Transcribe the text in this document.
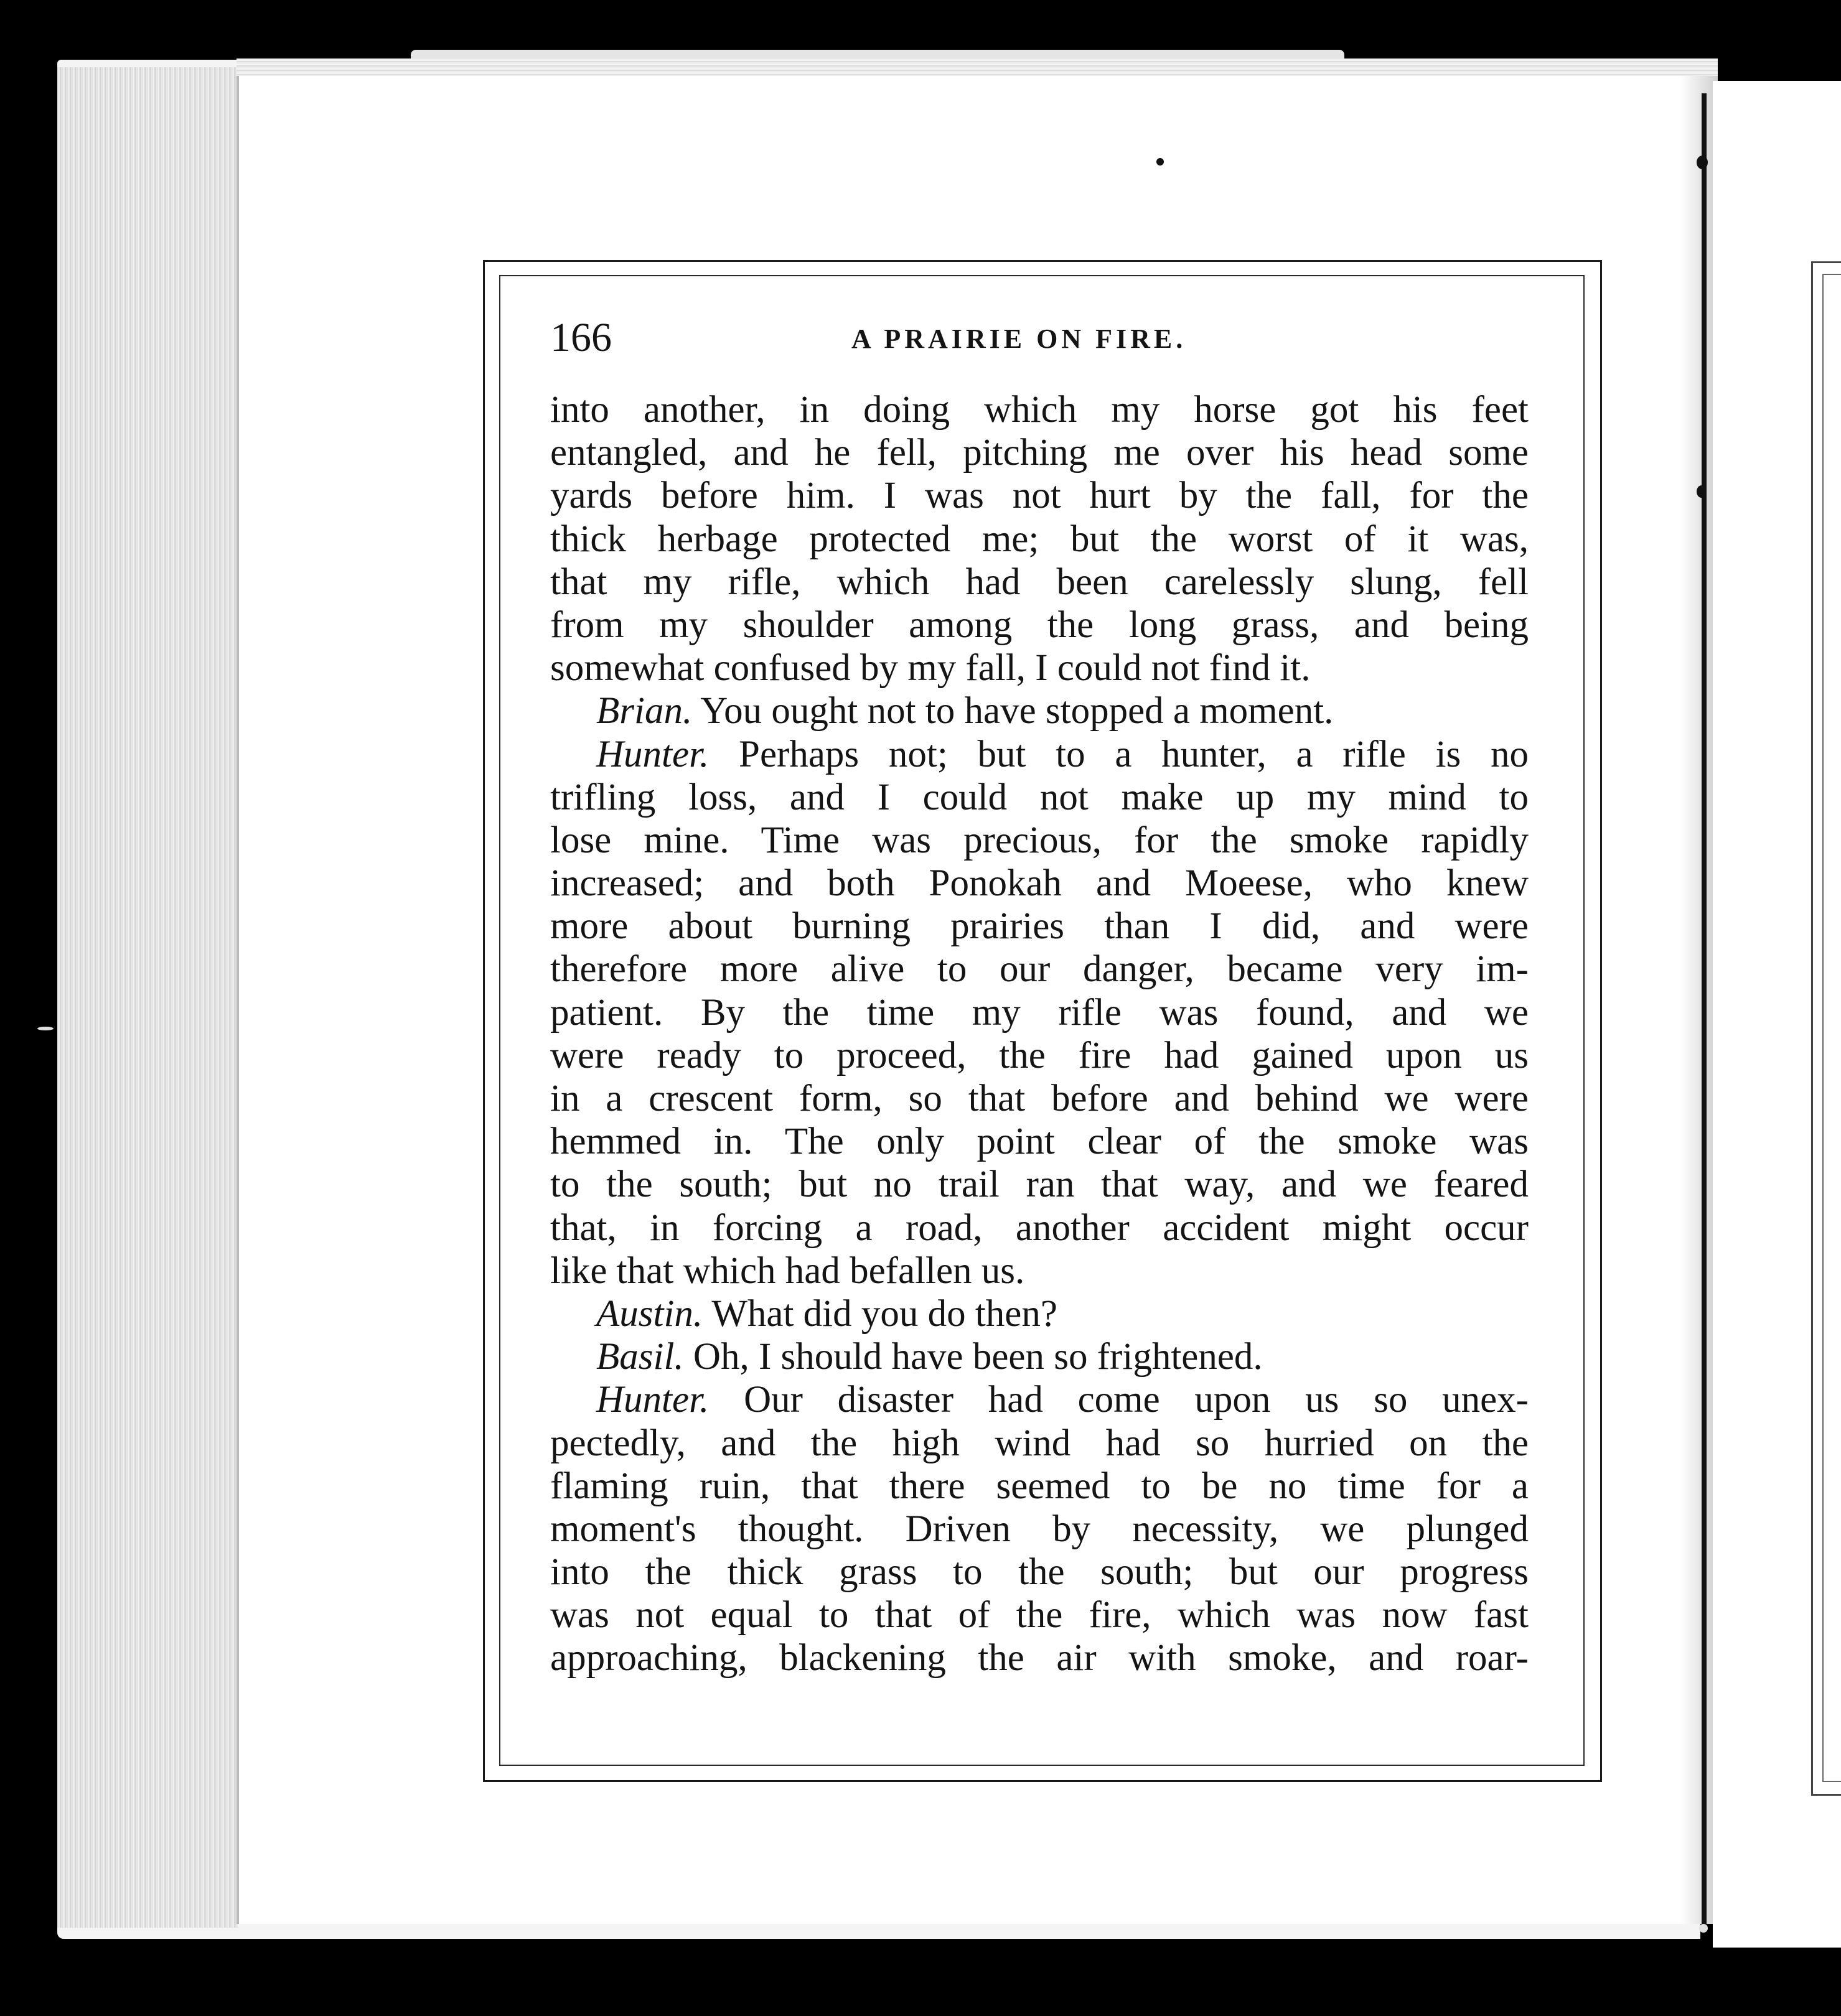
166	A PRAIRIE ON FIRE.
into another, in doing which my horse got his feet
entangled, and he fell, pitching me over his head some
yards before him. I was not hurt by the fall, for the
thick herbage protected me; but the worst of it was,
that my rifle, which had been carelessly slung, fell
from my shoulder among the long grass, and being
somewhat confused by my fall, I could not find it.
Brian. You ought not to have stopped a moment.
Hunter. Perhaps not; but to a hunter, a rifle is no
trifling loss, and I could not make up my mind to
lose mine. Time was precious, for the smoke rapidly
increased; and both Ponokah and Moeese, who knew
more about burning prairies than I did, and were
therefore more alive to our danger, became very im-
patient. By the time my rifle was found, and we
were ready to proceed, the fire had gained upon us
in a crescent form, so that before and behind we were
hemmed in. The only point clear of the smoke was
to the south; but no trail ran that way, and we feared
that, in forcing a road, another accident might occur
like that which had befallen us.
Austin. What did you do then?
Basil. Oh, I should have been so frightened.
Hunter. Our disaster had come upon us so unex-
pectedly, and the high wind had so hurried on the
flaming ruin, that there seemed to be no time for a
moment's thought. Driven by necessity, we plunged
into the thick grass to the south; but our progress
was not equal to that of the fire, which was now fast
approaching, blackening the air with smoke, and roar-
